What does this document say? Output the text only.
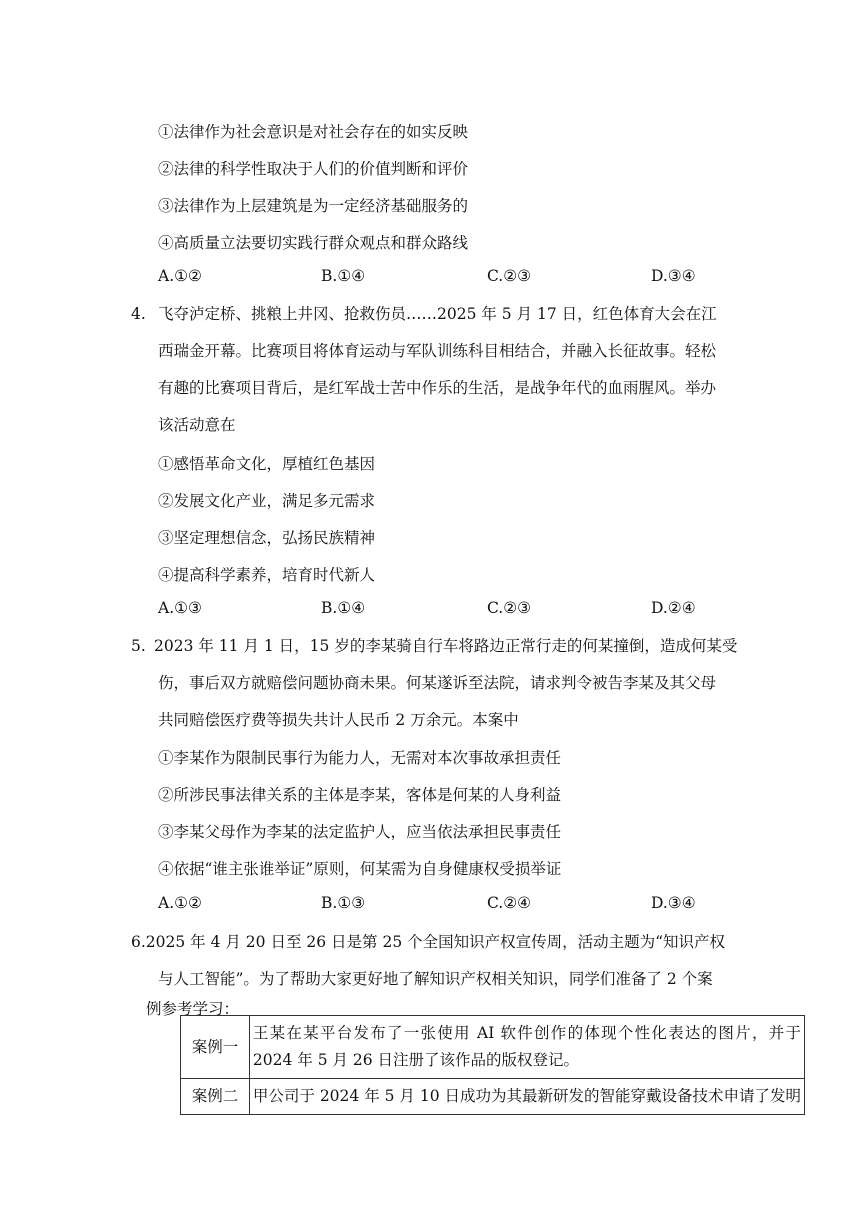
①法律作为社会意识是对社会存在的如实反映
②法律的科学性取决于人们的价值判断和评价
③法律作为上层建筑是为一定经济基础服务的
④高质量立法要切实践行群众观点和群众路线
A.①②	B.①④	C.②③	D.③④
4. 飞夺泸定桥、挑粮上井冈、抢救伤员……2025 年 5 月 17 日，红色体育大会在江
西瑞金开幕。比赛项目将体育运动与军队训练科目相结合，并融入长征故事。轻松
有趣的比赛项目背后，是红军战士苦中作乐的生活，是战争年代的血雨腥风。举办
该活动意在
①感悟革命文化，厚植红色基因
②发展文化产业，满足多元需求
③坚定理想信念，弘扬民族精神
④提高科学素养，培育时代新人
A.①③	B.①④	C.②③	D.②④
5. 2023 年 11 月 1 日，15 岁的李某骑自行车将路边正常行走的何某撞倒，造成何某受
伤，事后双方就赔偿问题协商未果。何某遂诉至法院，请求判令被告李某及其父母
共同赔偿医疗费等损失共计人民币 2 万余元。本案中
①李某作为限制民事行为能力人，无需对本次事故承担责任
②所涉民事法律关系的主体是李某，客体是何某的人身利益
③李某父母作为李某的法定监护人，应当依法承担民事责任
④依据“谁主张谁举证”原则，何某需为自身健康权受损举证
A.①②	B.①③	C.②④	D.③④
6.2025 年 4 月 20 日至 26 日是第 25 个全国知识产权宣传周，活动主题为“知识产权
与人工智能”。为了帮助大家更好地了解知识产权相关知识，同学们准备了 2 个案
例参考学习：
案例一	王某在某平台发布了一张使用 AI 软件创作的体现个性化表达的图片，并于 2024 年 5 月 26 日注册了该作品的版权登记。
案例二	甲公司于 2024 年 5 月 10 日成功为其最新研发的智能穿戴设备技术申请了发明
